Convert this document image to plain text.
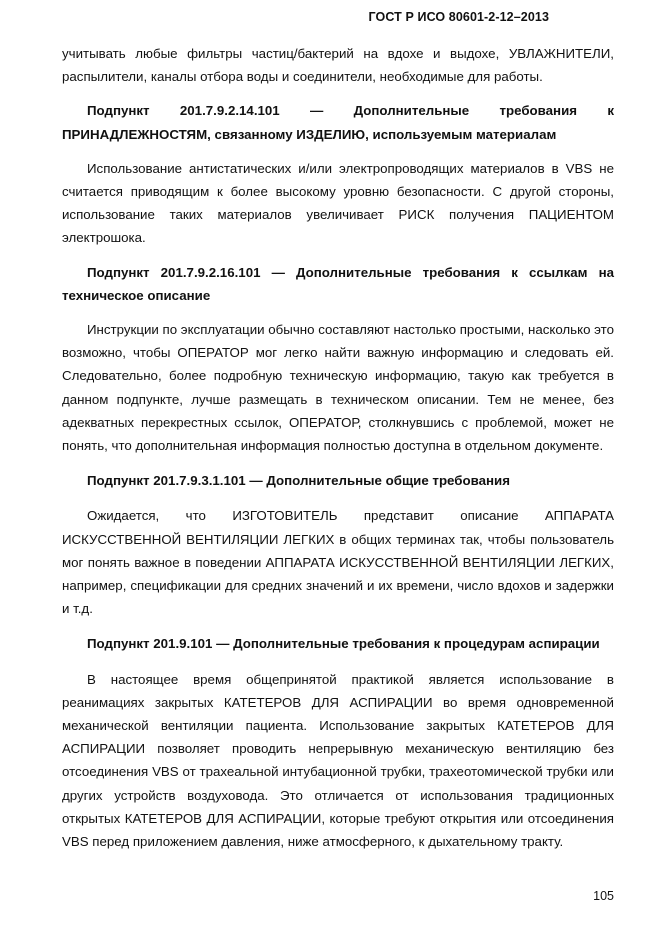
ГОСТ Р ИСО 80601-2-12–2013

учитывать любые фильтры частиц/бактерий на вдохе и выдохе, УВЛАЖНИТЕЛИ, распылители, каналы отбора воды и соединители, необходимые для работы.

Подпункт 201.7.9.2.14.101 — Дополнительные требования к ПРИНАДЛЕЖНОСТЯМ, связанному ИЗДЕЛИЮ, используемым материалам

Использование антистатических и/или электропроводящих материалов в VBS не считается приводящим к более высокому уровню безопасности. С другой стороны, использование таких материалов увеличивает РИСК получения ПАЦИЕНТОМ электрошока.

Подпункт 201.7.9.2.16.101 — Дополнительные требования к ссылкам на техническое описание

Инструкции по эксплуатации обычно составляют настолько простыми, насколько это возможно, чтобы ОПЕРАТОР мог легко найти важную информацию и следовать ей. Следовательно, более подробную техническую информацию, такую как требуется в данном подпункте, лучше размещать в техническом описании. Тем не менее, без адекватных перекрестных ссылок, ОПЕРАТОР, столкнувшись с проблемой, может не понять, что дополнительная информация полностью доступна в отдельном документе.

Подпункт 201.7.9.3.1.101 — Дополнительные общие требования

Ожидается, что ИЗГОТОВИТЕЛЬ представит описание АППАРАТА ИСКУССТВЕННОЙ ВЕНТИЛЯЦИИ ЛЕГКИХ в общих терминах так, чтобы пользователь мог понять важное в поведении АППАРАТА ИСКУССТВЕННОЙ ВЕНТИЛЯЦИИ ЛЕГКИХ, например, спецификации для средних значений и их времени, число вдохов и задержки и т.д.

Подпункт 201.9.101 — Дополнительные требования к процедурам аспирации

В настоящее время общепринятой практикой является использование в реанимациях закрытых КАТЕТЕРОВ ДЛЯ АСПИРАЦИИ во время одновременной механической вентиляции пациента. Использование закрытых КАТЕТЕРОВ ДЛЯ АСПИРАЦИИ позволяет проводить непрерывную механическую вентиляцию без отсоединения VBS от трахеальной интубационной трубки, трахеотомической трубки или других устройств воздуховода. Это отличается от использования традиционных открытых КАТЕТЕРОВ ДЛЯ АСПИРАЦИИ, которые требуют открытия или отсоединения VBS перед приложением давления, ниже атмосферного, к дыхательному тракту.

105
